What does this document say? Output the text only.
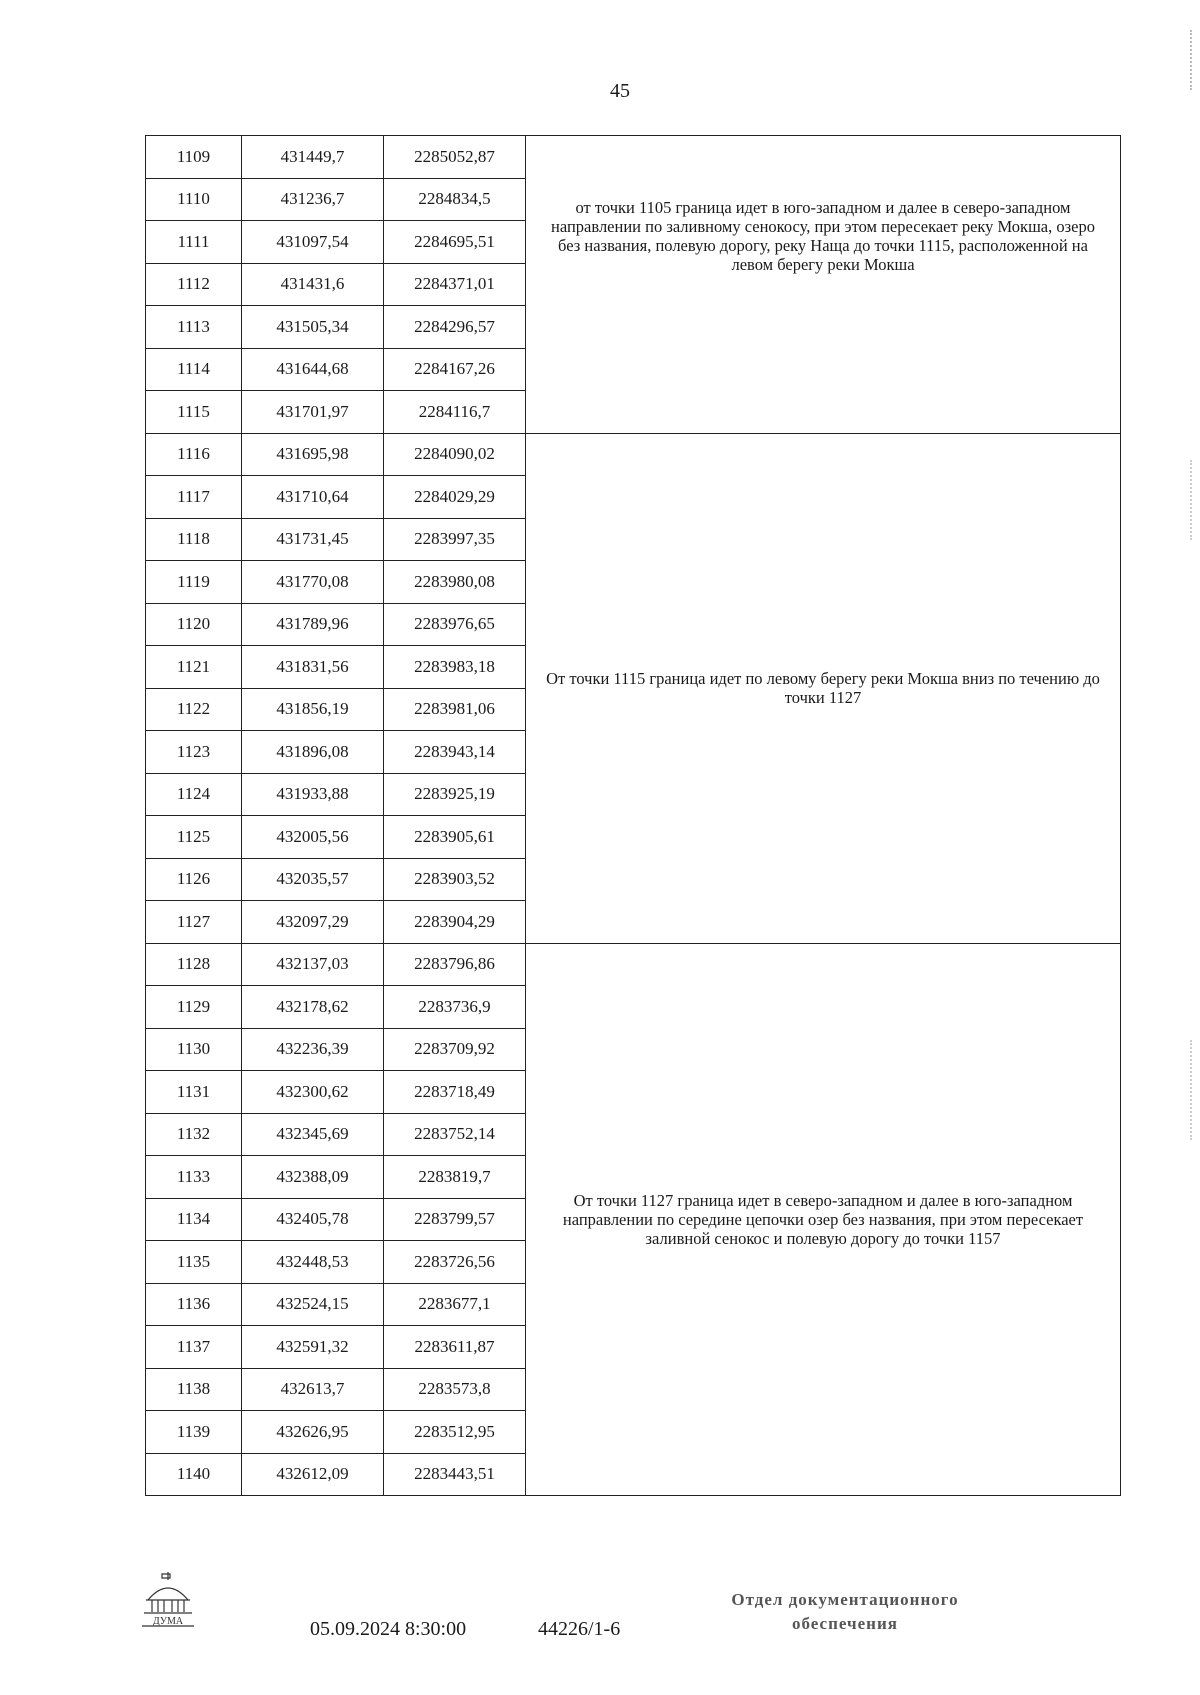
45
1109	431449,7	2285052,87	от точки 1105 граница идет в юго-западном и далее в северо-западном направлении по заливному сенокосу, при этом пересекает реку Мокша, озеро без названия, полевую дорогу, реку Наща до точки 1115, расположенной на левом берегу реки Мокша

1110	431236,7	2284834,5	
1111	431097,54	2284695,51	
1112	431431,6	2284371,01	
1113	431505,34	2284296,57	
1114	431644,68	2284167,26	
1115	431701,97	2284116,7	
1116	431695,98	2284090,02	От точки 1115 граница идет по левому берегу реки Мокша вниз по течению до точки 1127

1117	431710,64	2284029,29	
1118	431731,45	2283997,35	
1119	431770,08	2283980,08	
1120	431789,96	2283976,65	
1121	431831,56	2283983,18	
1122	431856,19	2283981,06	
1123	431896,08	2283943,14	
1124	431933,88	2283925,19	
1125	432005,56	2283905,61	
1126	432035,57	2283903,52	
1127	432097,29	2283904,29	
1128	432137,03	2283796,86	От точки 1127 граница идет в северо-западном и далее в юго-западном направлении по середине цепочки озер без названия, при этом пересекает заливной сенокос и полевую дорогу до точки 1157

1129	432178,62	2283736,9	
1130	432236,39	2283709,92	
1131	432300,62	2283718,49	
1132	432345,69	2283752,14	
1133	432388,09	2283819,7	
1134	432405,78	2283799,57	
1135	432448,53	2283726,56	
1136	432524,15	2283677,1	
1137	432591,32	2283611,87	
1138	432613,7	2283573,8	
1139	432626,95	2283512,95	
1140	432612,09	2283443,51	
ДУМА	05.09.2024 8:30:00	44226/1-6
Отдел документационного
обеспечения
